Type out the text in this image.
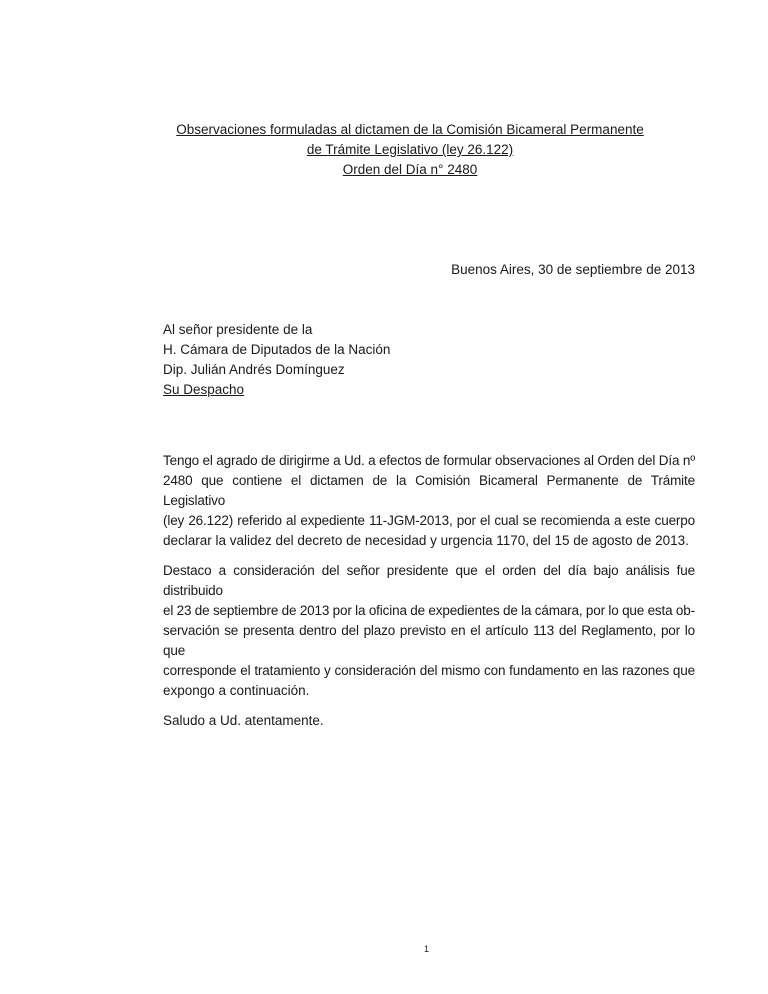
Observaciones formuladas al dictamen de la Comisión Bicameral Permanente
de Trámite Legislativo (ley 26.122)
Orden del Día n° 2480
Buenos Aires, 30 de septiembre de 2013
Al señor presidente de la
H. Cámara de Diputados de la Nación
Dip. Julián Andrés Domínguez
Su Despacho
Tengo el agrado de dirigirme a Ud. a efectos de formular observaciones al Orden del Día nº
2480 que contiene el dictamen de la Comisión Bicameral Permanente de Trámite Legislativo
(ley 26.122) referido al expediente 11-JGM-2013, por el cual se recomienda a este cuerpo
declarar la validez del decreto de necesidad y urgencia 1170, del 15 de agosto de 2013.
Destaco a consideración del señor presidente que el orden del día bajo análisis fue distribuido
el 23 de septiembre de 2013 por la oficina de expedientes de la cámara, por lo que esta ob-
servación se presenta dentro del plazo previsto en el artículo 113 del Reglamento, por lo que
corresponde el tratamiento y consideración del mismo con fundamento en las razones que
expongo a continuación.
Saludo a Ud. atentamente.
1
